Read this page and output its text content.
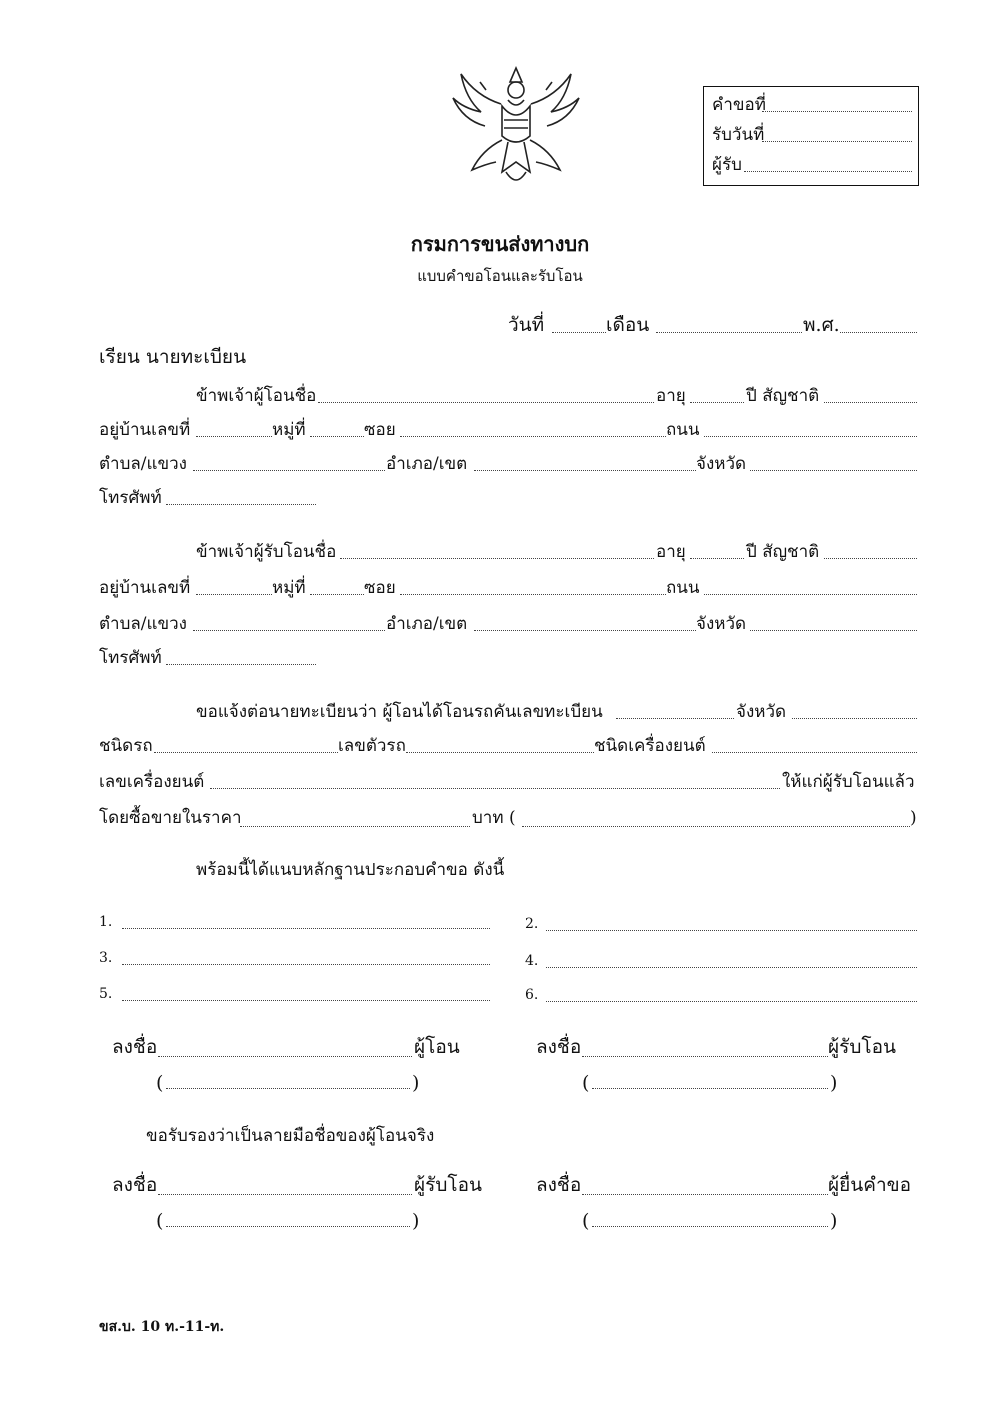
คำขอที่
รับวันที่
ผู้รับ
กรมการขนส่งทางบก
แบบคำขอโอนและรับโอน
วันที่	เดือน	พ.ศ.
เรียน นายทะเบียน
ข้าพเจ้าผู้โอนชื่อ	อายุ	ปี สัญชาติ
อยู่บ้านเลขที่	หมู่ที่	ซอย	ถนน
ตำบล/แขวง	อำเภอ/เขต	จังหวัด
โทรศัพท์
ข้าพเจ้าผู้รับโอนชื่อ	อายุ	ปี สัญชาติ
อยู่บ้านเลขที่	หมู่ที่	ซอย	ถนน
ตำบล/แขวง	อำเภอ/เขต	จังหวัด
โทรศัพท์
ขอแจ้งต่อนายทะเบียนว่า ผู้โอนได้โอนรถคันเลขทะเบียน	จังหวัด
ชนิดรถ	เลขตัวรถ	ชนิดเครื่องยนต์
เลขเครื่องยนต์	ให้แก่ผู้รับโอนแล้ว
โดยซื้อขายในราคา	บาท (	)
พร้อมนี้ได้แนบหลักฐานประกอบคำขอ ดังนี้
1.	2.
3.	4.
5.	6.
ลงชื่อ	ผู้โอน	ลงชื่อ	ผู้รับโอน
(	)	(	)
ขอรับรองว่าเป็นลายมือชื่อของผู้โอนจริง
ลงชื่อ	ผู้รับโอน	ลงชื่อ	ผู้ยื่นคำขอ
(	)	(	)
ขส.บ. 10 ท.-11-ท.
